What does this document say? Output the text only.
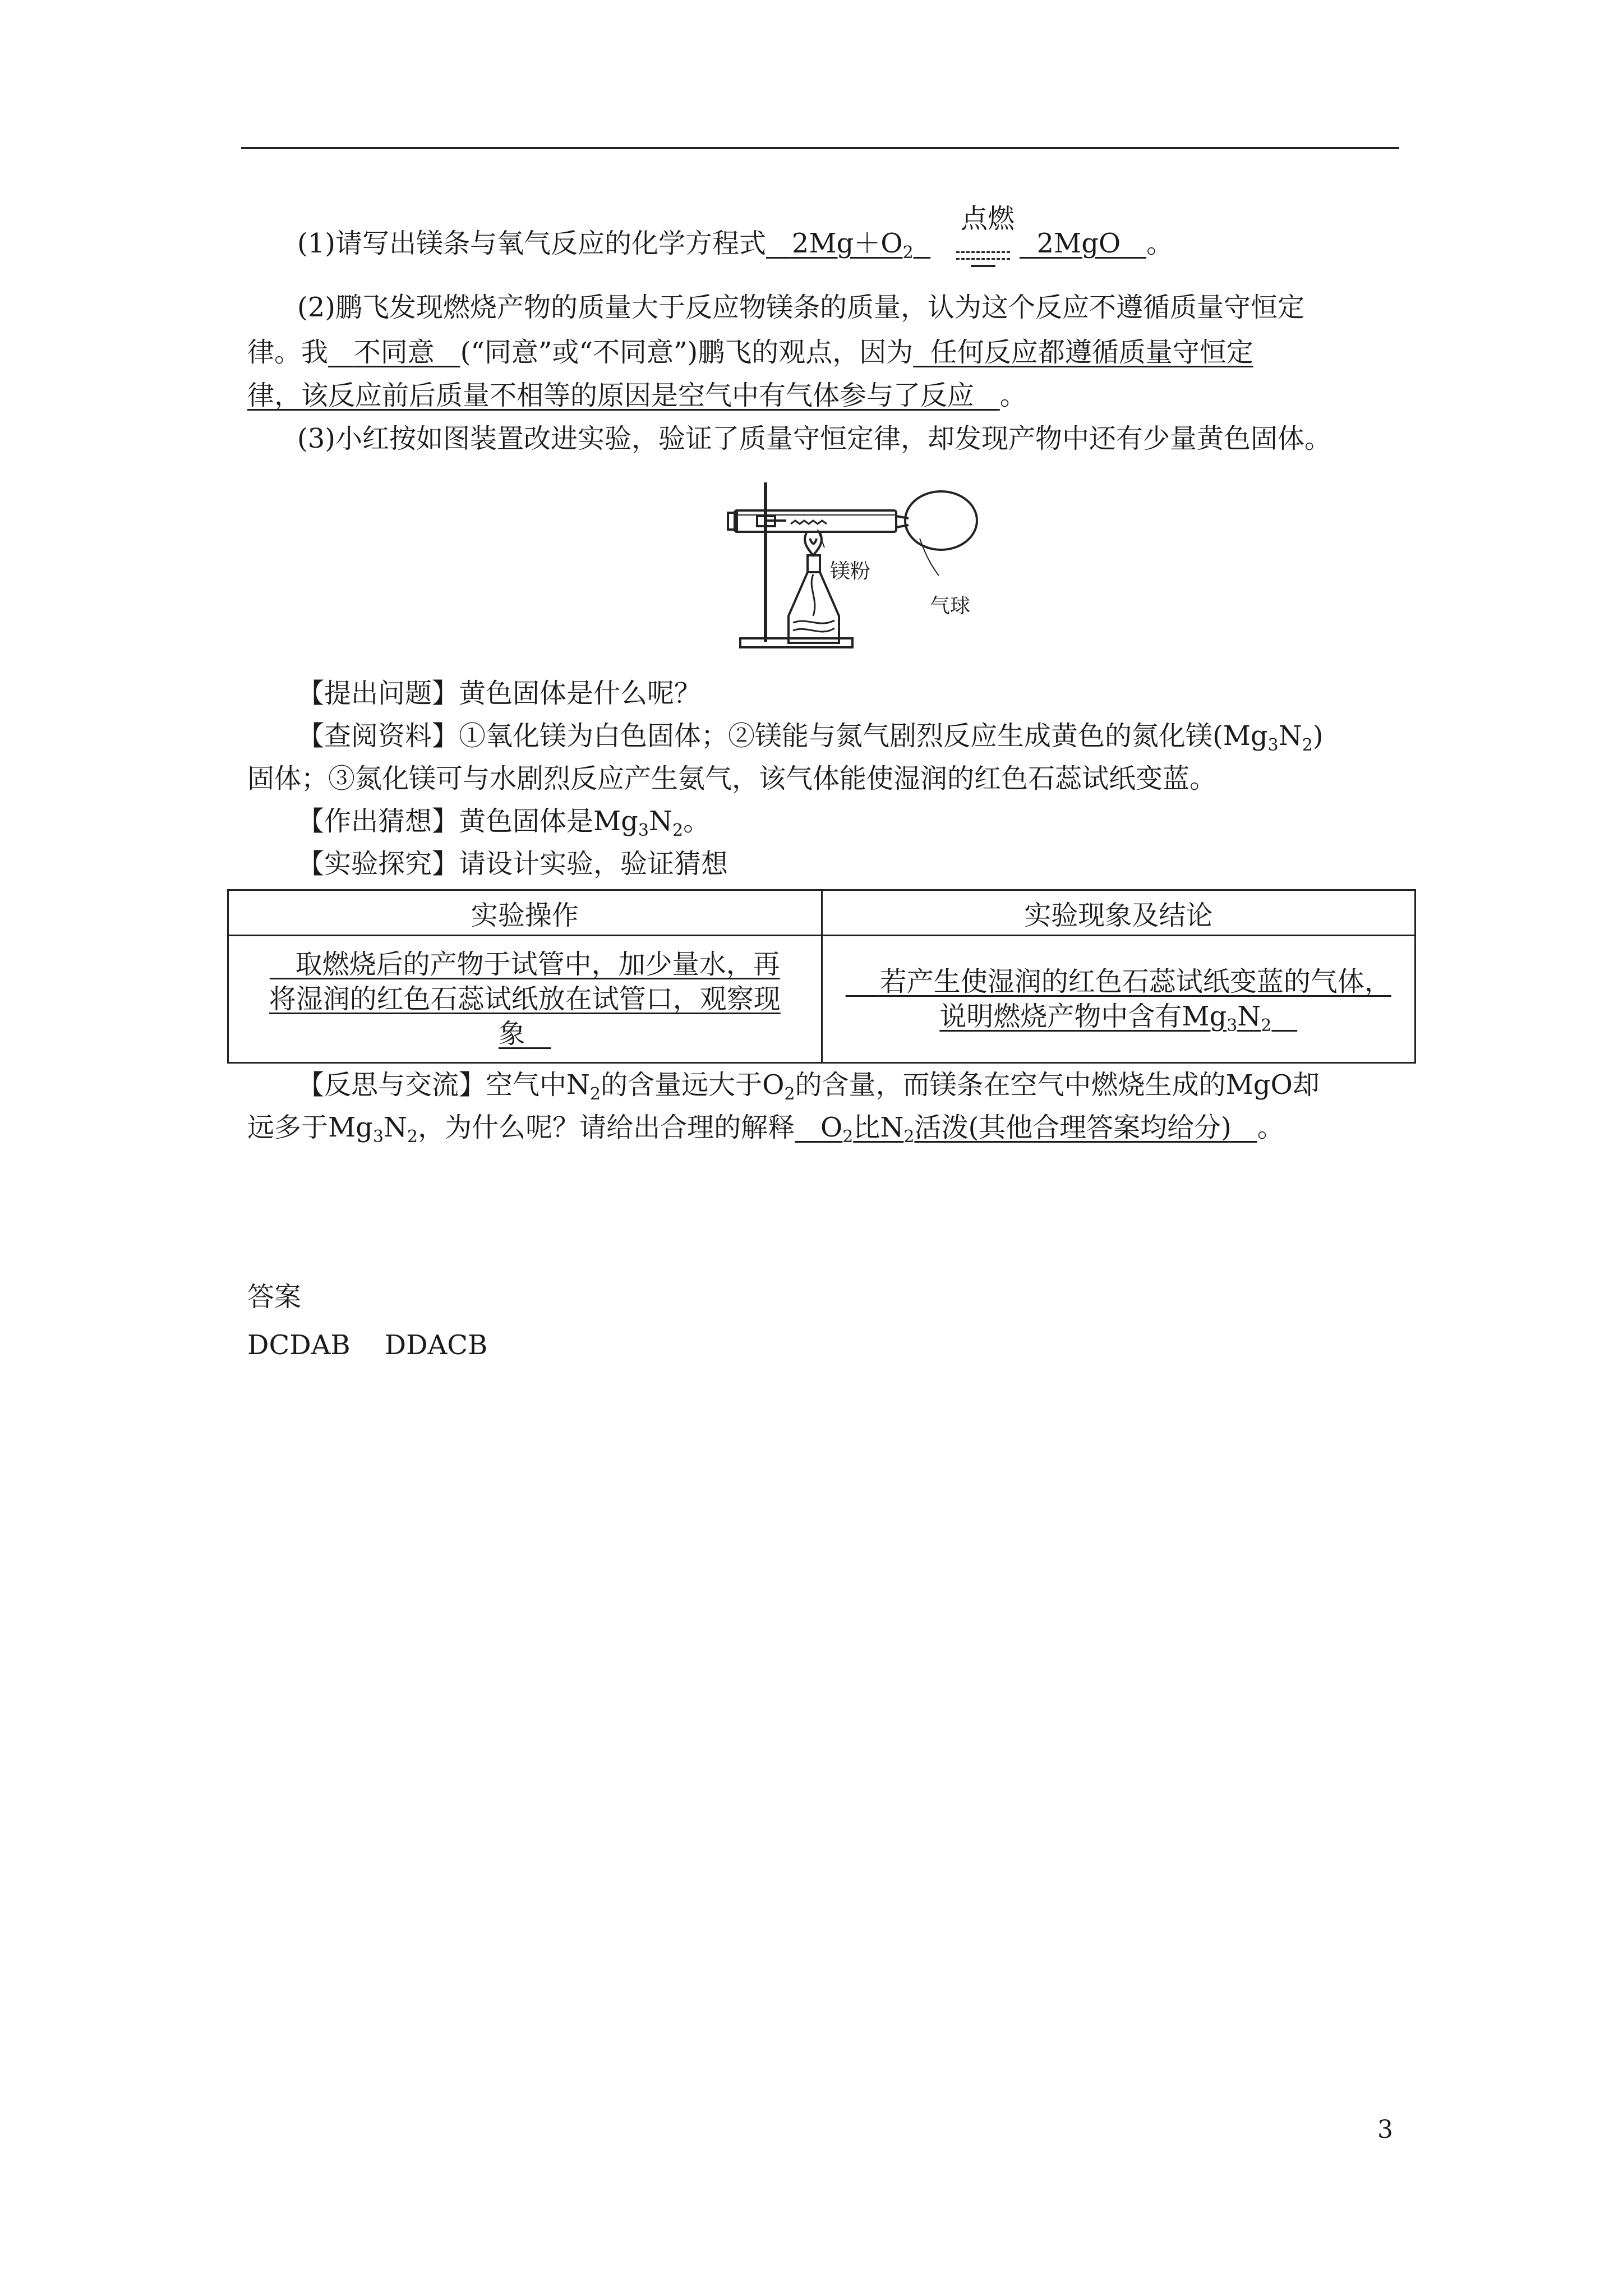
(1)请写出镁条与氧气反应的化学方程式 $2Mg+O_2$
点燃
2MgO 。
(2)鹏飞发现燃烧产物的质量大于反应物镁条的质量，认为这个反应不遵循质量守恒定
律。我 不同意 (“同意”或“不同意”)鹏飞的观点，因为 任何反应都遵循质量守恒定
律，该反应前后质量不相等的原因是空气中有气体参与了反应 。
(3)小红按如图装置改进实验，验证了质量守恒定律，却发现产物中还有少量黄色固体。
镁粉
气球
【提出问题】黄色固体是什么呢？
【查阅资料】①氧化镁为白色固体；②镁能与氮气剧烈反应生成黄色的氮化镁$(Mg_3N_2)$
固体；③氮化镁可与水剧烈反应产生氨气，该气体能使湿润的红色石蕊试纸变蓝。
【作出猜想】黄色固体是$Mg_3N_2$。
【实验探究】请设计实验，验证猜想
实验操作	实验现象及结论
取燃烧后的产物于试管中，加少量水，再
将湿润的红色石蕊试纸放在试管口，观察现
象	若产生使湿润的红色石蕊试纸变蓝的气体，
说明燃烧产物中含有$Mg_3N_2$
【反思与交流】空气中$N_2$的含量远大于$O_2$的含量，而镁条在空气中燃烧生成的MgO却
远多于$Mg_3N_2$，为什么呢？请给出合理的解释 $O_2$比$N_2$活泼(其他合理答案均给分) 。
答案
DCDAB    DDACB
3
